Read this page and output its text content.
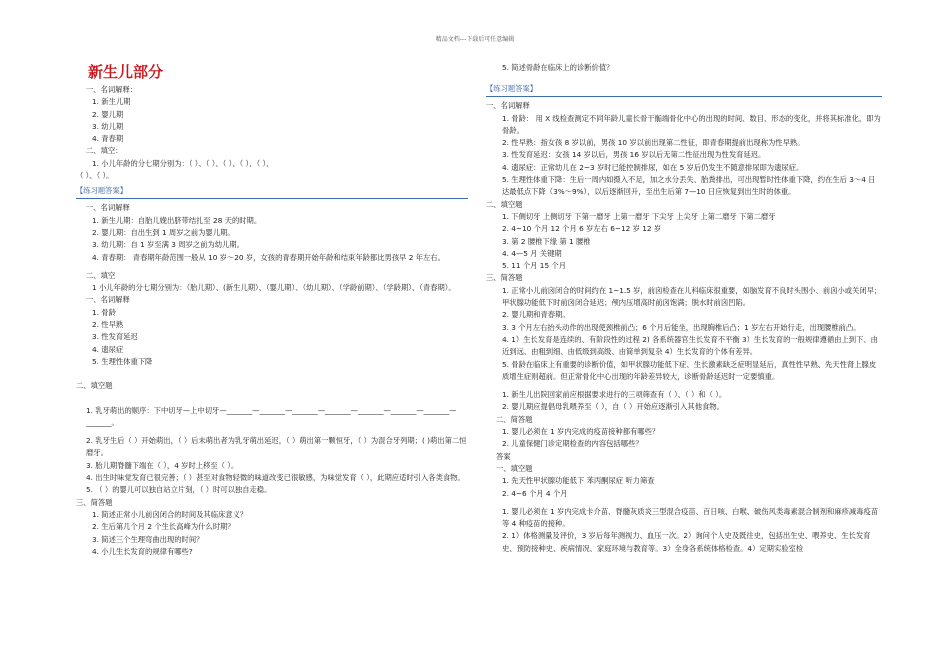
精品文档---下载后可任意编辑
新生儿部分
一、名词解释：
1. 新生儿期
2. 婴儿期
3. 幼儿期
4. 青春期
二、填空：
1. 小儿年龄的分七期分别为：（ ）、（ ）、（ ）、（ ）、（ ）、
（ ）、（ ）。
【练习题答案】
一、名词解释
1. 新生儿期：自胎儿娩出脐带结扎至 28 天的时期。
2. 婴儿期：自出生到 1 周岁之前为婴儿期。
3. 幼儿期：自 1 岁至满 3 周岁之前为幼儿期。
4. 青春期： 青春期年龄范围一般从 10 岁～20 岁，女孩的青春期开始年龄和结束年龄都比男孩早 2 年左右。
二、填空
1 小儿年龄的分七期分别为：（胎儿期）、(新生儿期）、（婴儿期）、（幼儿期）、（学龄前期）、（学龄期）、（青春期）。
一、名词解释
1. 骨龄
2. 性早熟
3. 性发育延迟
4. 遗尿症
5. 生理性体重下降
二、填空题
1. 乳牙萌出的顺序：下中切牙—上中切牙—_______—_______—_______—_______—_______—_______—_______—_______。
2. 乳牙生后（ ）开始萌出，（ ）后未萌出者为乳牙萌出延迟，（ ）萌出第一颗恒牙，（ ）为混合牙列期；( )萌出第二恒磨牙。
3. 胎儿期脊髓下端在（ ），4 岁时上移至（ ）。
4. 出生时味觉发育已很完善；（ ）甚至对食物轻微的味道改变已很敏感，为味觉发育（ ），此期应适时引入各类食物。
5. （ ）的婴儿可以独自站立片刻，（ ）时可以独自走稳。
三、简答题
1. 简述正常小儿前囟闭合的时间及其临床意义？
2. 生后第几个月 2 个生长高峰为什么时期？
3. 简述三个生理弯曲出现的时间？
4. 小儿生长发育的规律有哪些?
5. 简述骨龄在临床上的诊断价值？
【练习题答案】
一、名词解释
1. 骨龄： 用 X 线检查测定不同年龄儿童长骨干骺端骨化中心的出现的时间、数目、形态的变化，并将其标准化，即为骨龄。
2. 性早熟：指女孩 8 岁以前，男孩 10 岁以前出现第二性征，即青春期提前出现称为性早熟。
3. 性发育延迟：女孩 14 岁以后，男孩 16 岁以后无第二性征出现为性发育延迟。
4. 遗尿症：正常幼儿在 2~3 岁时已能控制排尿，如在 5 岁后仍发生不随意排尿即为遗尿症。
5. 生理性体重下降：生后一周内如摄入不足，加之水分丢失、胎粪排出，可出现暂时性体重下降，约在生后 3～4 日达最低点下降（3%～9%），以后逐渐回升，至出生后第 7—10 日应恢复到出生时的体重。
二、填空题
1. 下侧切牙 上侧切牙 下第一磨牙 上第一磨牙 下尖牙 上尖牙 上第二磨牙 下第二磨牙
2. 4~10 个月 12 个月 6 岁左右 6~12 岁 12 岁
3. 第 2 腰椎下缘 第 1 腰椎
4. 4—5 月 关键期
5. 11 个月 15 个月
三、简答题
1. 正常小儿前囟闭合的时间约在 1~1.5 岁，前囟检查在儿科临床很重要，如脑发育不良时头围小、前囟小或关闭早；甲状腺功能低下时前囟闭合延迟；颅内压增高时前囟饱满；脱水时前囟凹陷。
2. 婴儿期和青春期。
3. 3 个月左右抬头动作的出现使颈椎前凸；6 个月后能坐，出现胸椎后凸；1 岁左右开始行走，出现腰椎前凸。
4. 1）生长发育是连续的、有阶段性的过程 2) 各系统器官生长发育不平衡 3）生长发育的一般规律遵循由上到下、由近到远、由粗到细、由低级到高级、由简单到复杂 4）生长发育的个体有差异。
5. 骨龄在临床上有重要的诊断价值，如甲状腺功能低下症、生长激素缺乏症明显延后，真性性早熟、先天性肾上腺皮质增生症则超前。但正常骨化中心出现的年龄差异较大，诊断骨龄延迟时一定要慎重。
1. 新生儿出院回家前应根据要求进行的三项筛查有（ ）、（ ）和（ ）。
2. 婴儿期应提倡母乳喂养至（ ），自（ ）开始应逐渐引入其他食物。
二、简答题
1. 婴儿必须在 1 岁内完成的疫苗接种都有哪些？
2. 儿童保健门诊定期检查的内容包括哪些？
答案
一、填空题
1. 先天性甲状腺功能低下 苯丙酮尿症 听力筛查
2. 4~6 个月 4 个月
1. 婴儿必须在 1 岁内完成卡介苗、脊髓灰质炎三型混合疫苗、百日咳、白喉、破伤风类毒素混合制剂和麻疹减毒疫苗等 4 种疫苗的接种。
2. 1）体格测量及评价，3 岁后每年测视力、血压一次。2）询问个人史及既往史，包括出生史、喂养史、生长发育史、预防接种史、疾病情况、家庭环境与教育等。3）全身各系统体格检查。4）定期实验室检
